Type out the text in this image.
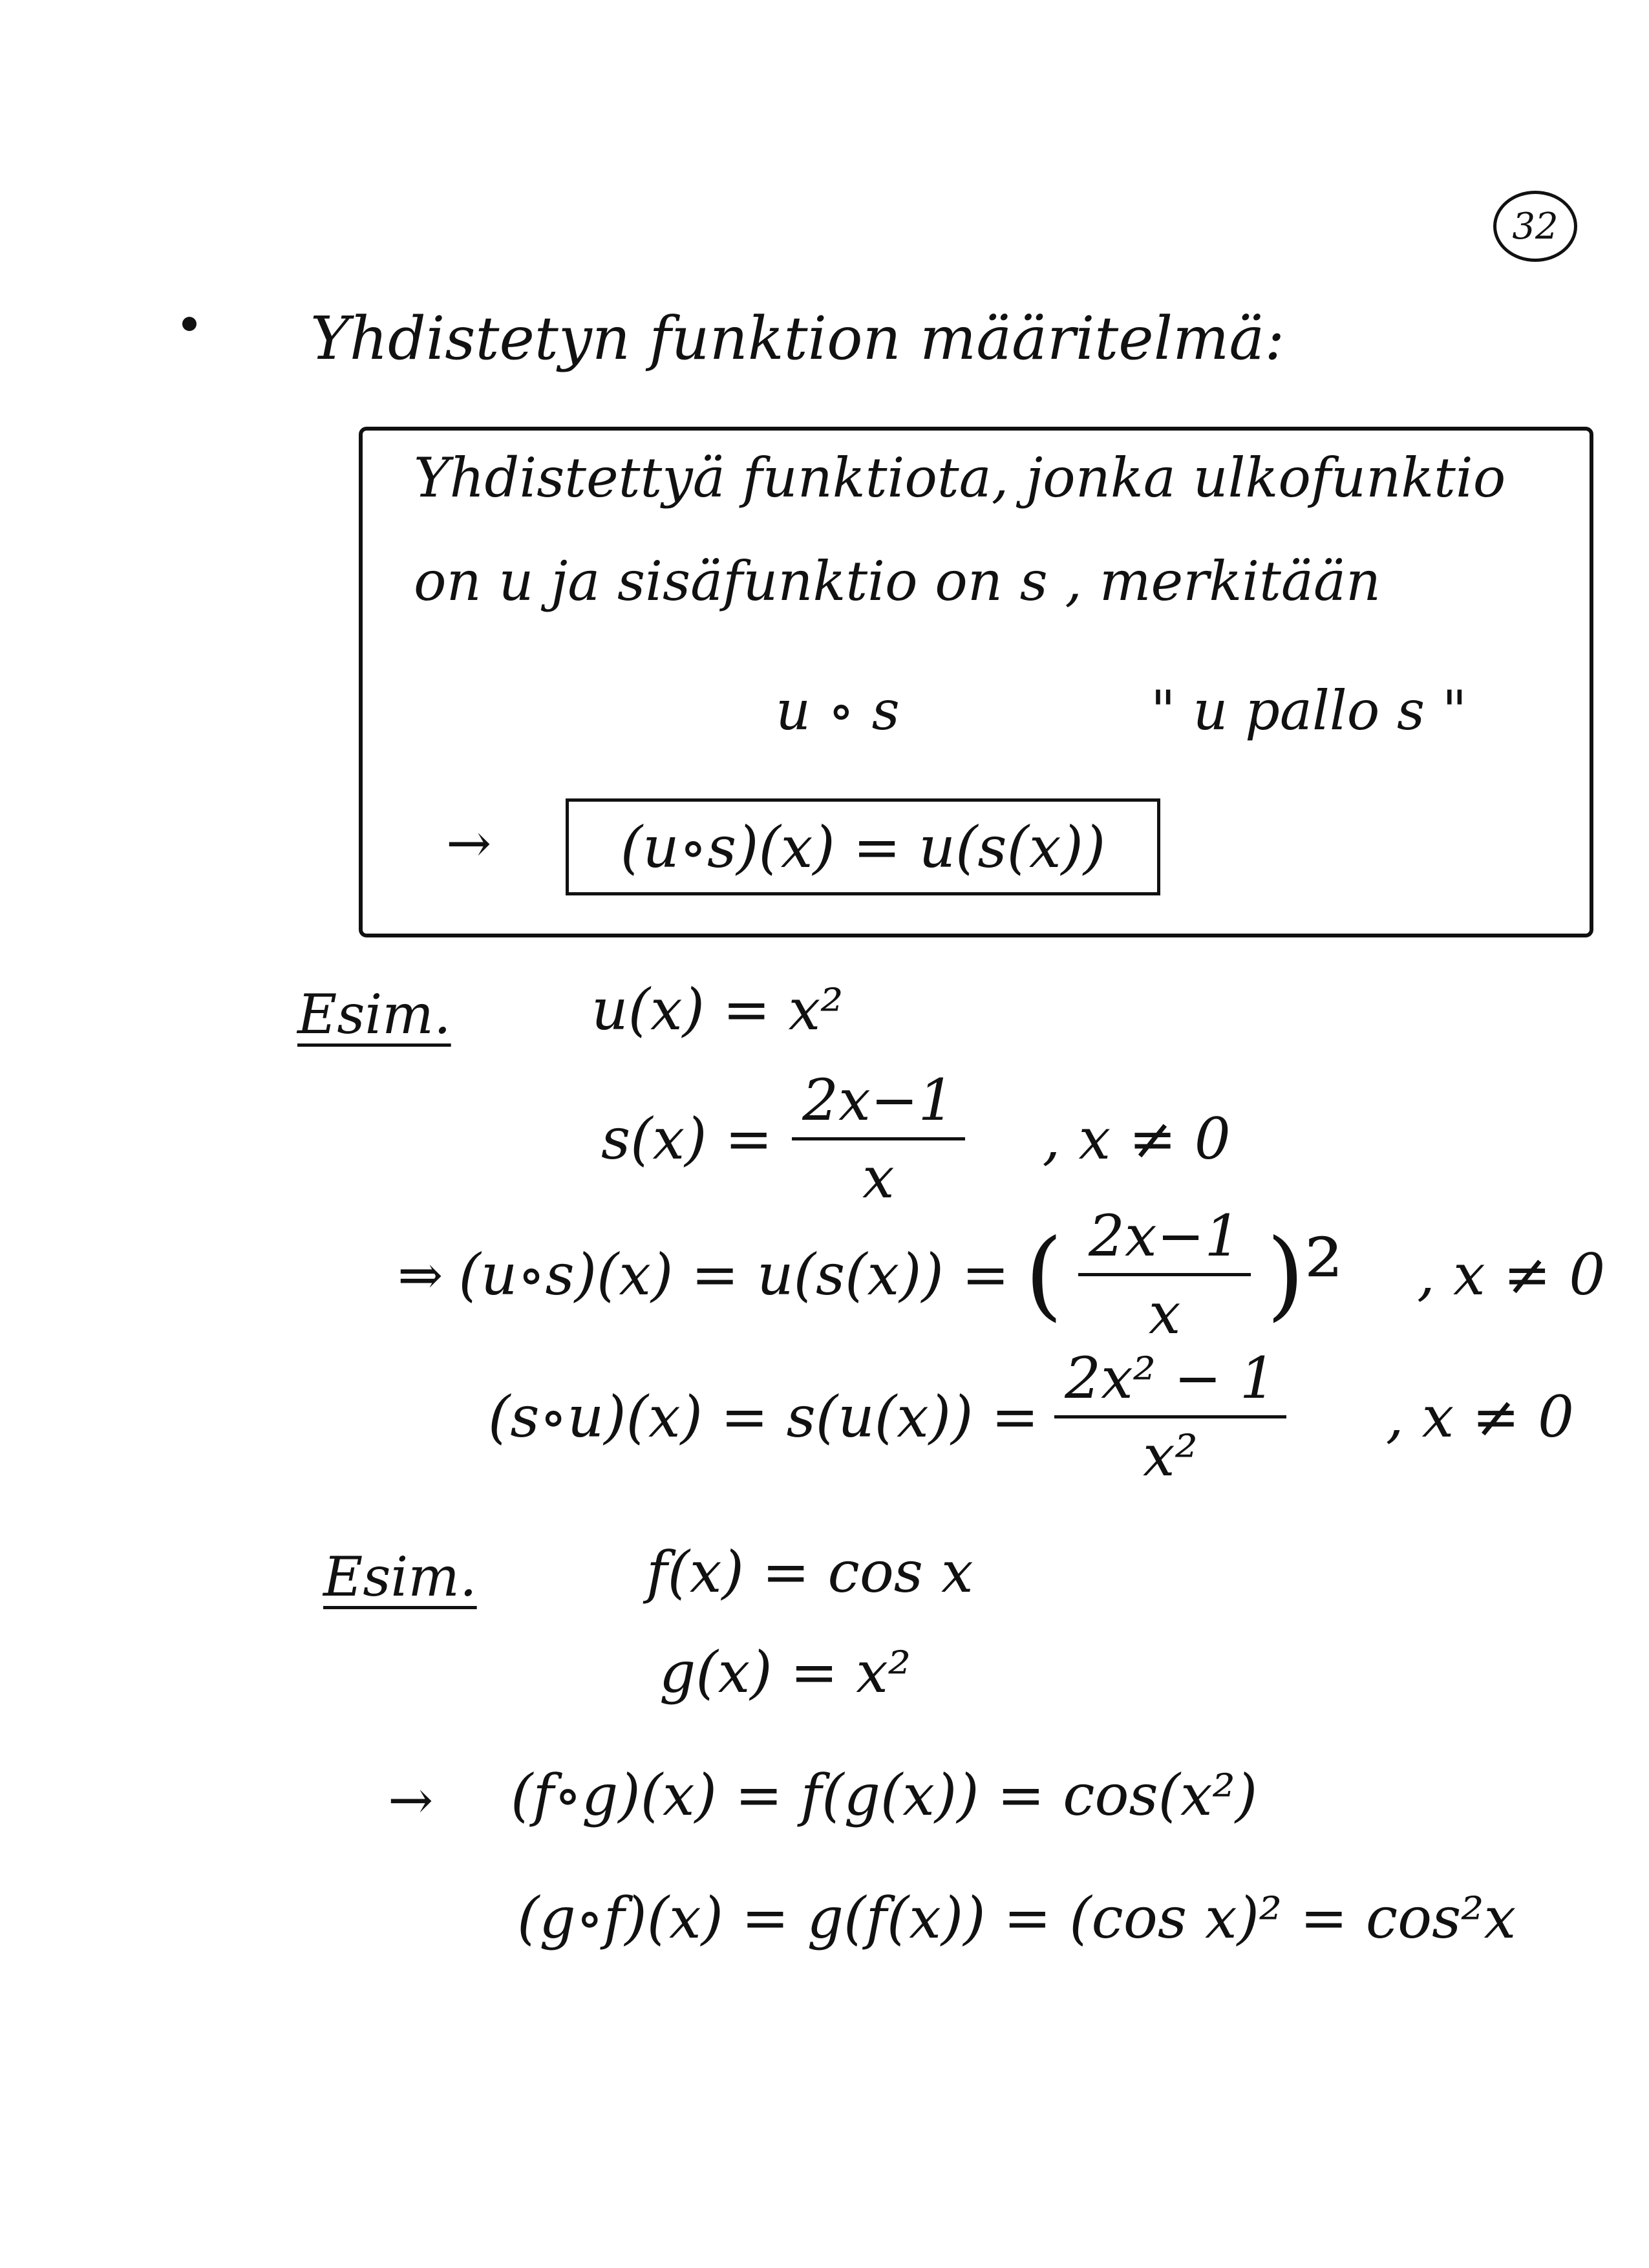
32
Yhdistetyn funktion määritelmä:
Yhdistettyä funktiota, jonka ulkofunktio
on u ja sisäfunktio on s , merkitään
u ∘ s	" u pallo s "
→ (u∘s)(x) = u(s(x))
Esim. u(x) = x²
$s(x) = \frac{2x-1}{x}$ , x ≠ 0
⇒ (u∘s)(x) = u(s(x)) = ( $\frac{2x-1}{x} )^2$ , x ≠ 0
(s∘u)(x) = $s(u(x)) = \frac{\text{2x² − 1}}{\text{x²}}$ , x ≠ 0
Esim.	f(x) = cos x
g(x) = x²
→ (f∘g)(x) = f(g(x)) = cos(x²)
(g∘f)(x) = g(f(x)) = (cos x)² = cos²x
